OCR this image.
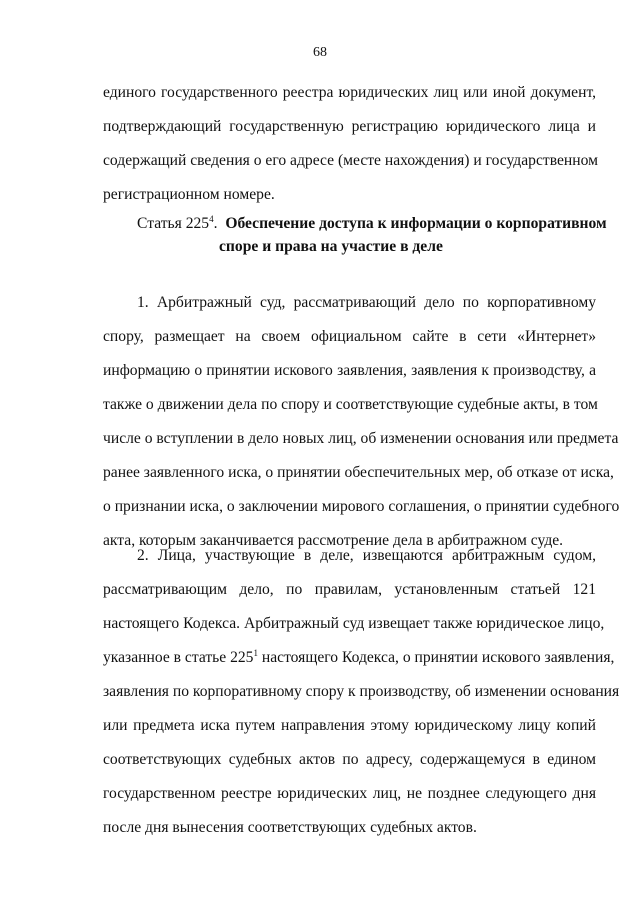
68
единого государственного реестра юридических лиц или иной документ,
подтверждающий государственную регистрацию юридического лица и
содержащий сведения о его адресе (месте нахождения) и государственном
регистрационном номере.
Статья $225^4$. Обеспечение доступа к информации о корпоративном
споре и права на участие в деле
1. Арбитражный суд, рассматривающий дело по корпоративному
спору, размещает на своем официальном сайте в сети «Интернет»
информацию о принятии искового заявления, заявления к производству, а
также о движении дела по спору и соответствующие судебные акты, в том
числе о вступлении в дело новых лиц, об изменении основания или предмета
ранее заявленного иска, о принятии обеспечительных мер, об отказе от иска,
о признании иска, о заключении мирового соглашения, о принятии судебного
акта, которым заканчивается рассмотрение дела в арбитражном суде.
2. Лица, участвующие в деле, извещаются арбитражным судом,
рассматривающим дело, по правилам, установленным статьей 121
настоящего Кодекса. Арбитражный суд извещает также юридическое лицо,
указанное в статье $225^1$ настоящего Кодекса, о принятии искового заявления,
заявления по корпоративному спору к производству, об изменении основания
или предмета иска путем направления этому юридическому лицу копий
соответствующих судебных актов по адресу, содержащемуся в едином
государственном реестре юридических лиц, не позднее следующего дня
после дня вынесения соответствующих судебных актов.
